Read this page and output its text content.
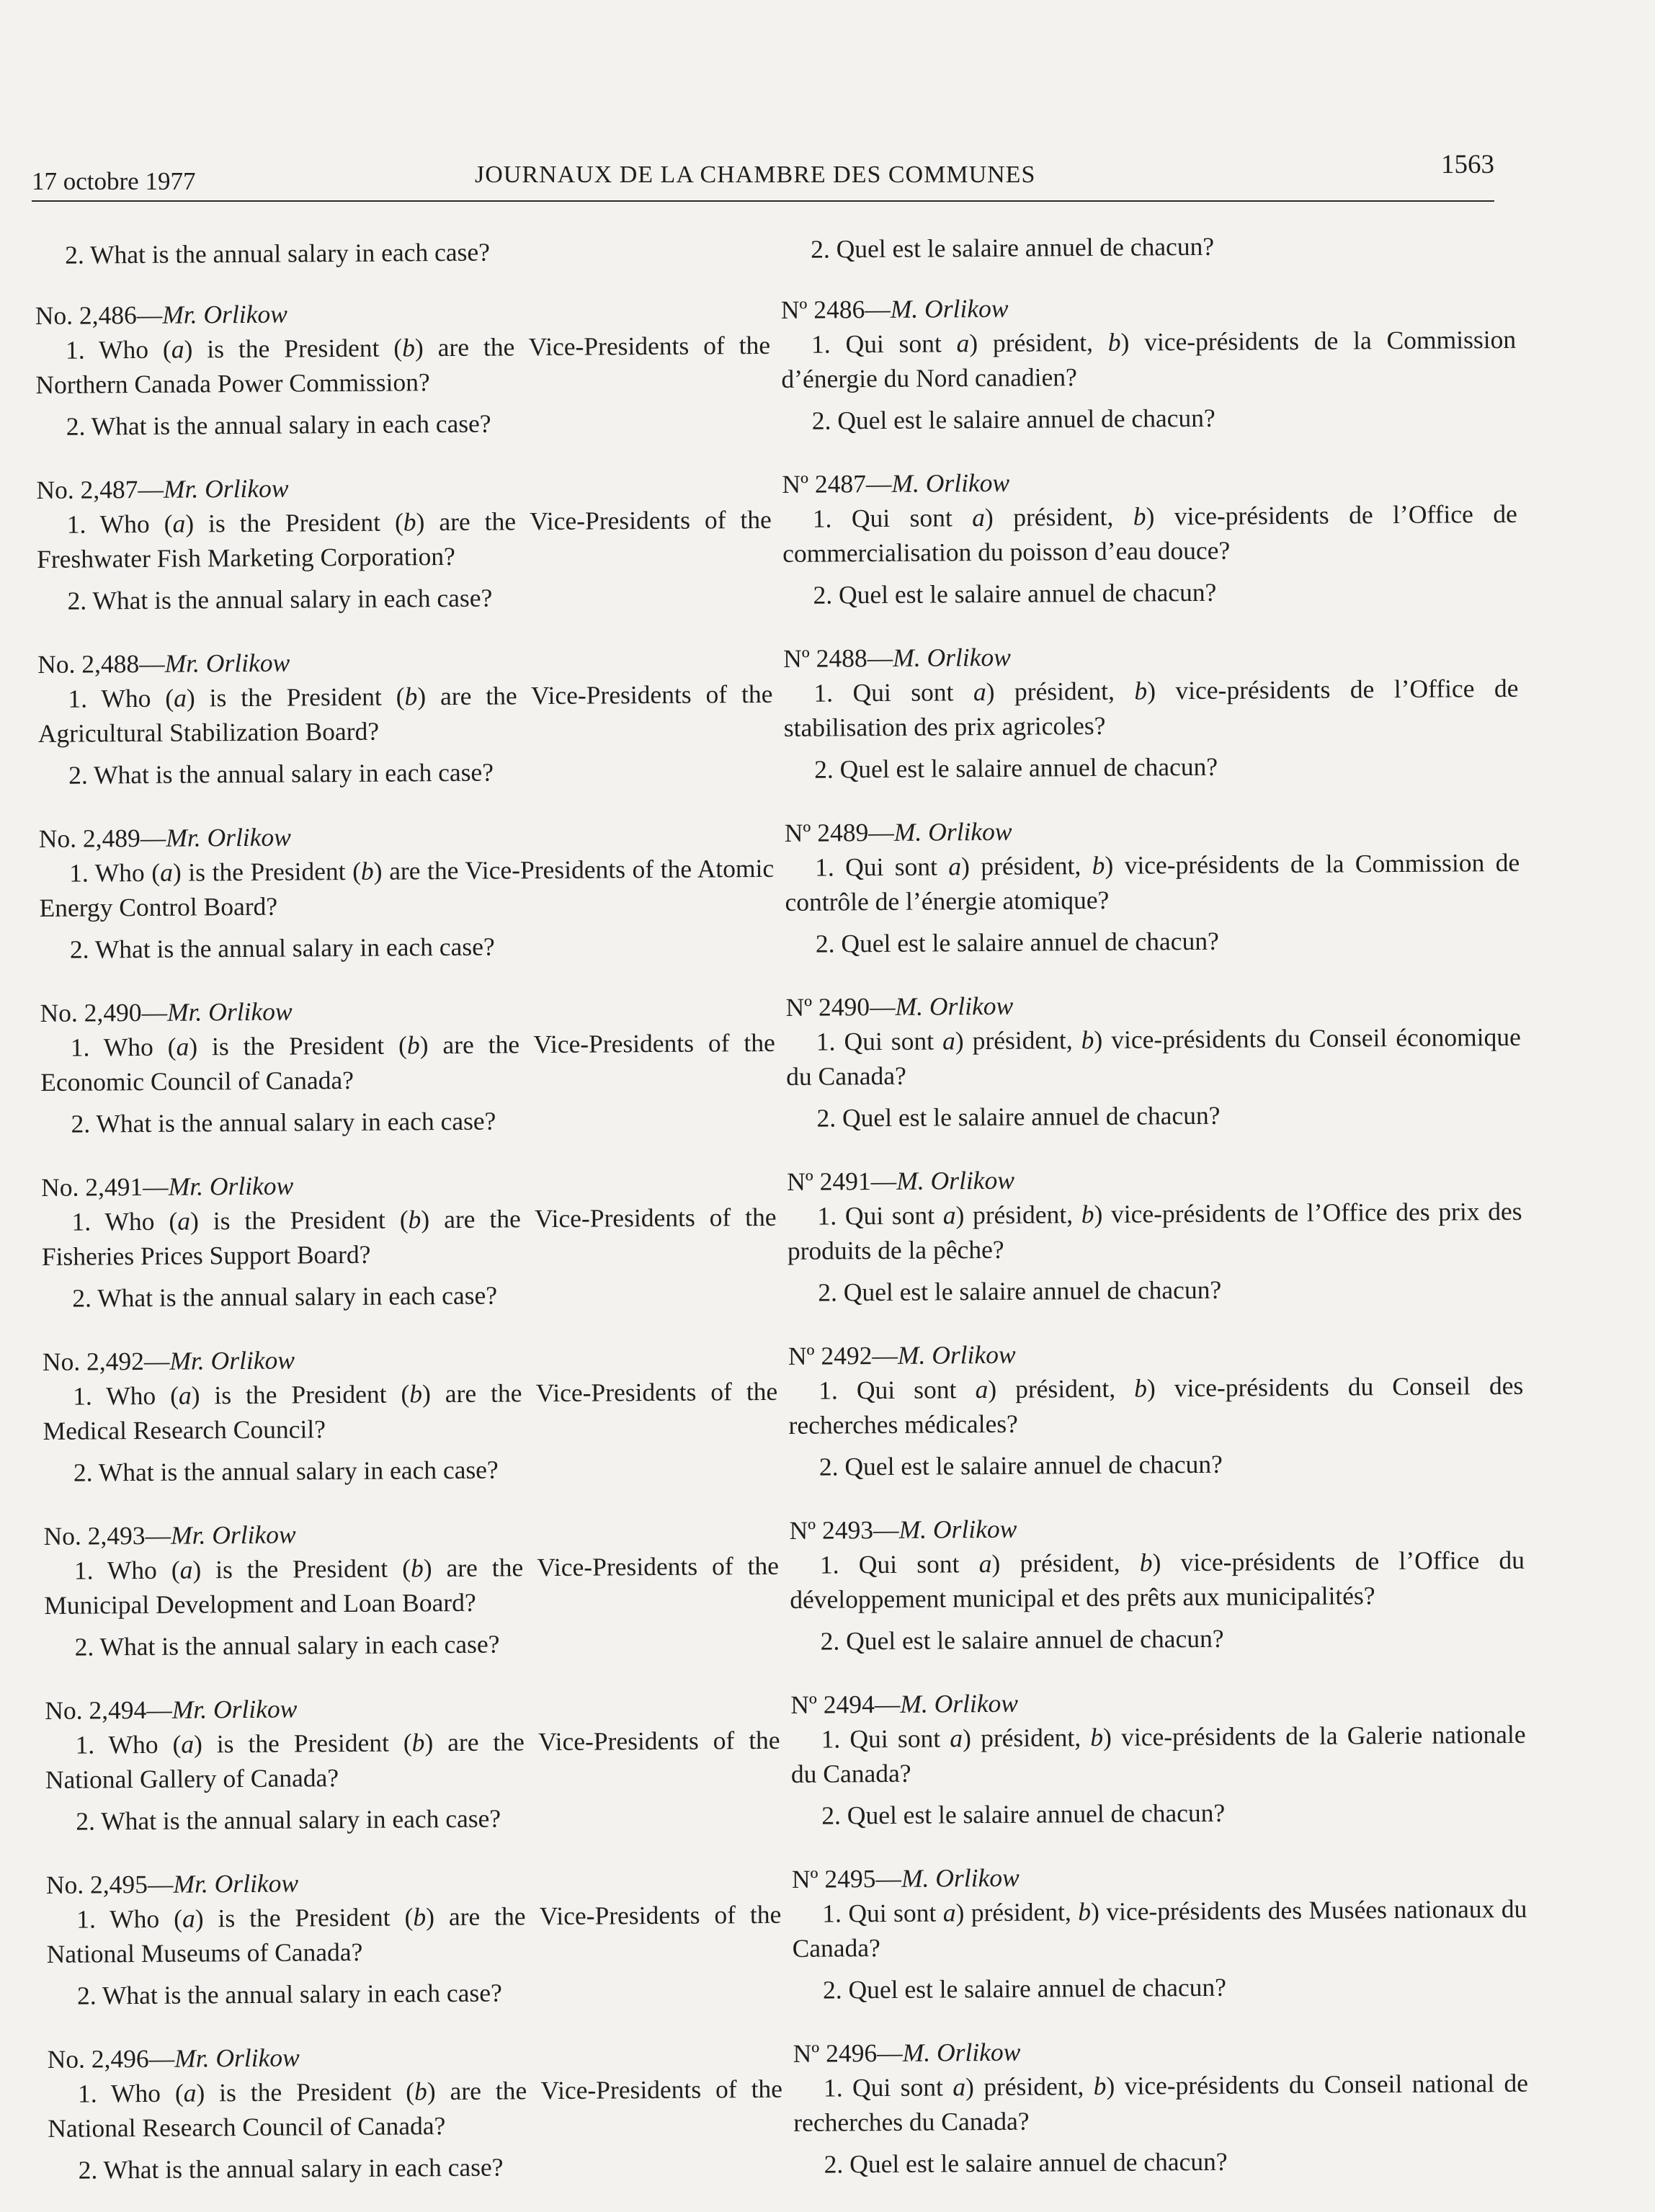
17 octobre 1977	JOURNAUX DE LA CHAMBRE DES COMMUNES	1563

2. What is the annual salary in each case?

No. 2,486—Mr. Orlikow

1. Who (a) is the President (b) are the Vice-Presidents of the Northern Canada Power Commission?

2. What is the annual salary in each case?

No. 2,487—Mr. Orlikow

1. Who (a) is the President (b) are the Vice-Presidents of the Freshwater Fish Marketing Corporation?

2. What is the annual salary in each case?

No. 2,488—Mr. Orlikow

1. Who (a) is the President (b) are the Vice-Presidents of the Agricultural Stabilization Board?

2. What is the annual salary in each case?

No. 2,489—Mr. Orlikow

1. Who (a) is the President (b) are the Vice-Presidents of the Atomic Energy Control Board?

2. What is the annual salary in each case?

No. 2,490—Mr. Orlikow

1. Who (a) is the President (b) are the Vice-Presidents of the Economic Council of Canada?

2. What is the annual salary in each case?

No. 2,491—Mr. Orlikow

1. Who (a) is the President (b) are the Vice-Presidents of the Fisheries Prices Support Board?

2. What is the annual salary in each case?

No. 2,492—Mr. Orlikow

1. Who (a) is the President (b) are the Vice-Presidents of the Medical Research Council?

2. What is the annual salary in each case?

No. 2,493—Mr. Orlikow

1. Who (a) is the President (b) are the Vice-Presidents of the Municipal Development and Loan Board?

2. What is the annual salary in each case?

No. 2,494—Mr. Orlikow

1. Who (a) is the President (b) are the Vice-Presidents of the National Gallery of Canada?

2. What is the annual salary in each case?

No. 2,495—Mr. Orlikow

1. Who (a) is the President (b) are the Vice-Presidents of the National Museums of Canada?

2. What is the annual salary in each case?

No. 2,496—Mr. Orlikow

1. Who (a) is the President (b) are the Vice-Presidents of the National Research Council of Canada?

2. What is the annual salary in each case?

2. Quel est le salaire annuel de chacun?

Nº 2486—M. Orlikow

1. Qui sont a) président, b) vice-présidents de la Commission d’énergie du Nord canadien?

2. Quel est le salaire annuel de chacun?

Nº 2487—M. Orlikow

1. Qui sont a) président, b) vice-présidents de l’Office de commercialisation du poisson d’eau douce?

2. Quel est le salaire annuel de chacun?

Nº 2488—M. Orlikow

1. Qui sont a) président, b) vice-présidents de l’Office de stabilisation des prix agricoles?

2. Quel est le salaire annuel de chacun?

Nº 2489—M. Orlikow

1. Qui sont a) président, b) vice-présidents de la Commission de contrôle de l’énergie atomique?

2. Quel est le salaire annuel de chacun?

Nº 2490—M. Orlikow

1. Qui sont a) président, b) vice-présidents du Conseil économique du Canada?

2. Quel est le salaire annuel de chacun?

Nº 2491—M. Orlikow

1. Qui sont a) président, b) vice-présidents de l’Office des prix des produits de la pêche?

2. Quel est le salaire annuel de chacun?

Nº 2492—M. Orlikow

1. Qui sont a) président, b) vice-présidents du Conseil des recherches médicales?

2. Quel est le salaire annuel de chacun?

Nº 2493—M. Orlikow

1. Qui sont a) président, b) vice-présidents de l’Office du développement municipal et des prêts aux municipalités?

2. Quel est le salaire annuel de chacun?

Nº 2494—M. Orlikow

1. Qui sont a) président, b) vice-présidents de la Galerie nationale du Canada?

2. Quel est le salaire annuel de chacun?

Nº 2495—M. Orlikow

1. Qui sont a) président, b) vice-présidents des Musées nationaux du Canada?

2. Quel est le salaire annuel de chacun?

Nº 2496—M. Orlikow

1. Qui sont a) président, b) vice-présidents du Conseil national de recherches du Canada?

2. Quel est le salaire annuel de chacun?
